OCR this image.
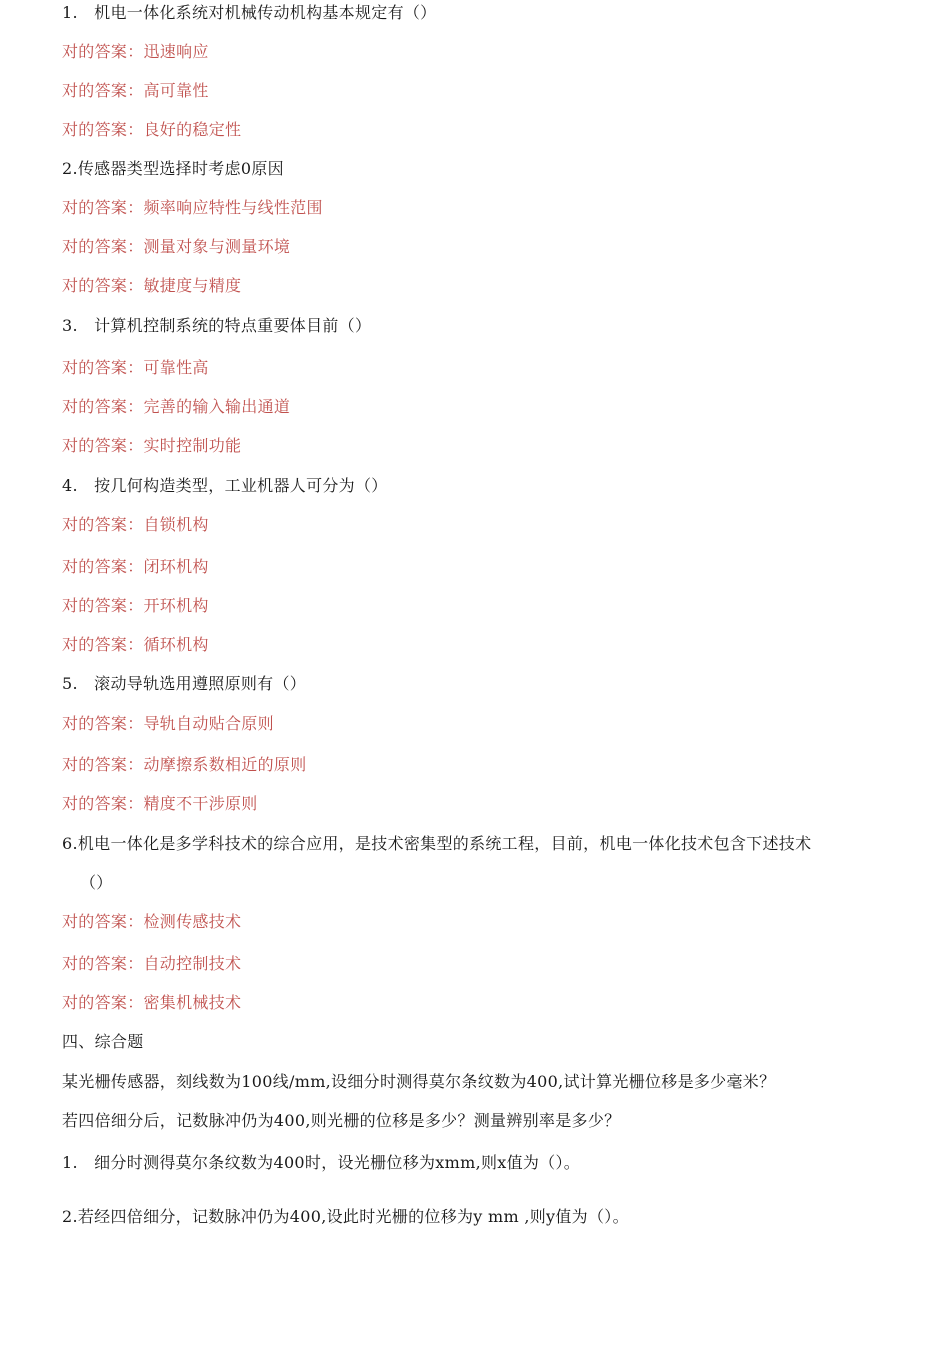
1.　机电一体化系统对机械传动机构基本规定有（）
对的答案：迅速响应
对的答案：高可靠性
对的答案：良好的稳定性
2.传感器类型选择时考虑0原因
对的答案：频率响应特性与线性范围
对的答案：测量对象与测量环境
对的答案：敏捷度与精度
3.　计算机控制系统的特点重要体目前（）
对的答案：可靠性高
对的答案：完善的输入输出通道
对的答案：实时控制功能
4.　按几何构造类型，工业机器人可分为（）
对的答案：自锁机构
对的答案：闭环机构
对的答案：开环机构
对的答案：循环机构
5.　滚动导轨选用遵照原则有（）
对的答案：导轨自动贴合原则
对的答案：动摩擦系数相近的原则
对的答案：精度不干涉原则
6.机电一体化是多学科技术的综合应用，是技术密集型的系统工程，目前，机电一体化技术包含下述技术
（）
对的答案：检测传感技术
对的答案：自动控制技术
对的答案：密集机械技术
四、综合题
某光栅传感器，刻线数为100线/mm,设细分时测得莫尔条纹数为400,试计算光栅位移是多少毫米？
若四倍细分后，记数脉冲仍为400,则光栅的位移是多少？测量辨别率是多少？
1.　细分时测得莫尔条纹数为400时，设光栅位移为xmm,则x值为（）。
2.若经四倍细分，记数脉冲仍为400,设此时光栅的位移为y mm ,则y值为（）。
